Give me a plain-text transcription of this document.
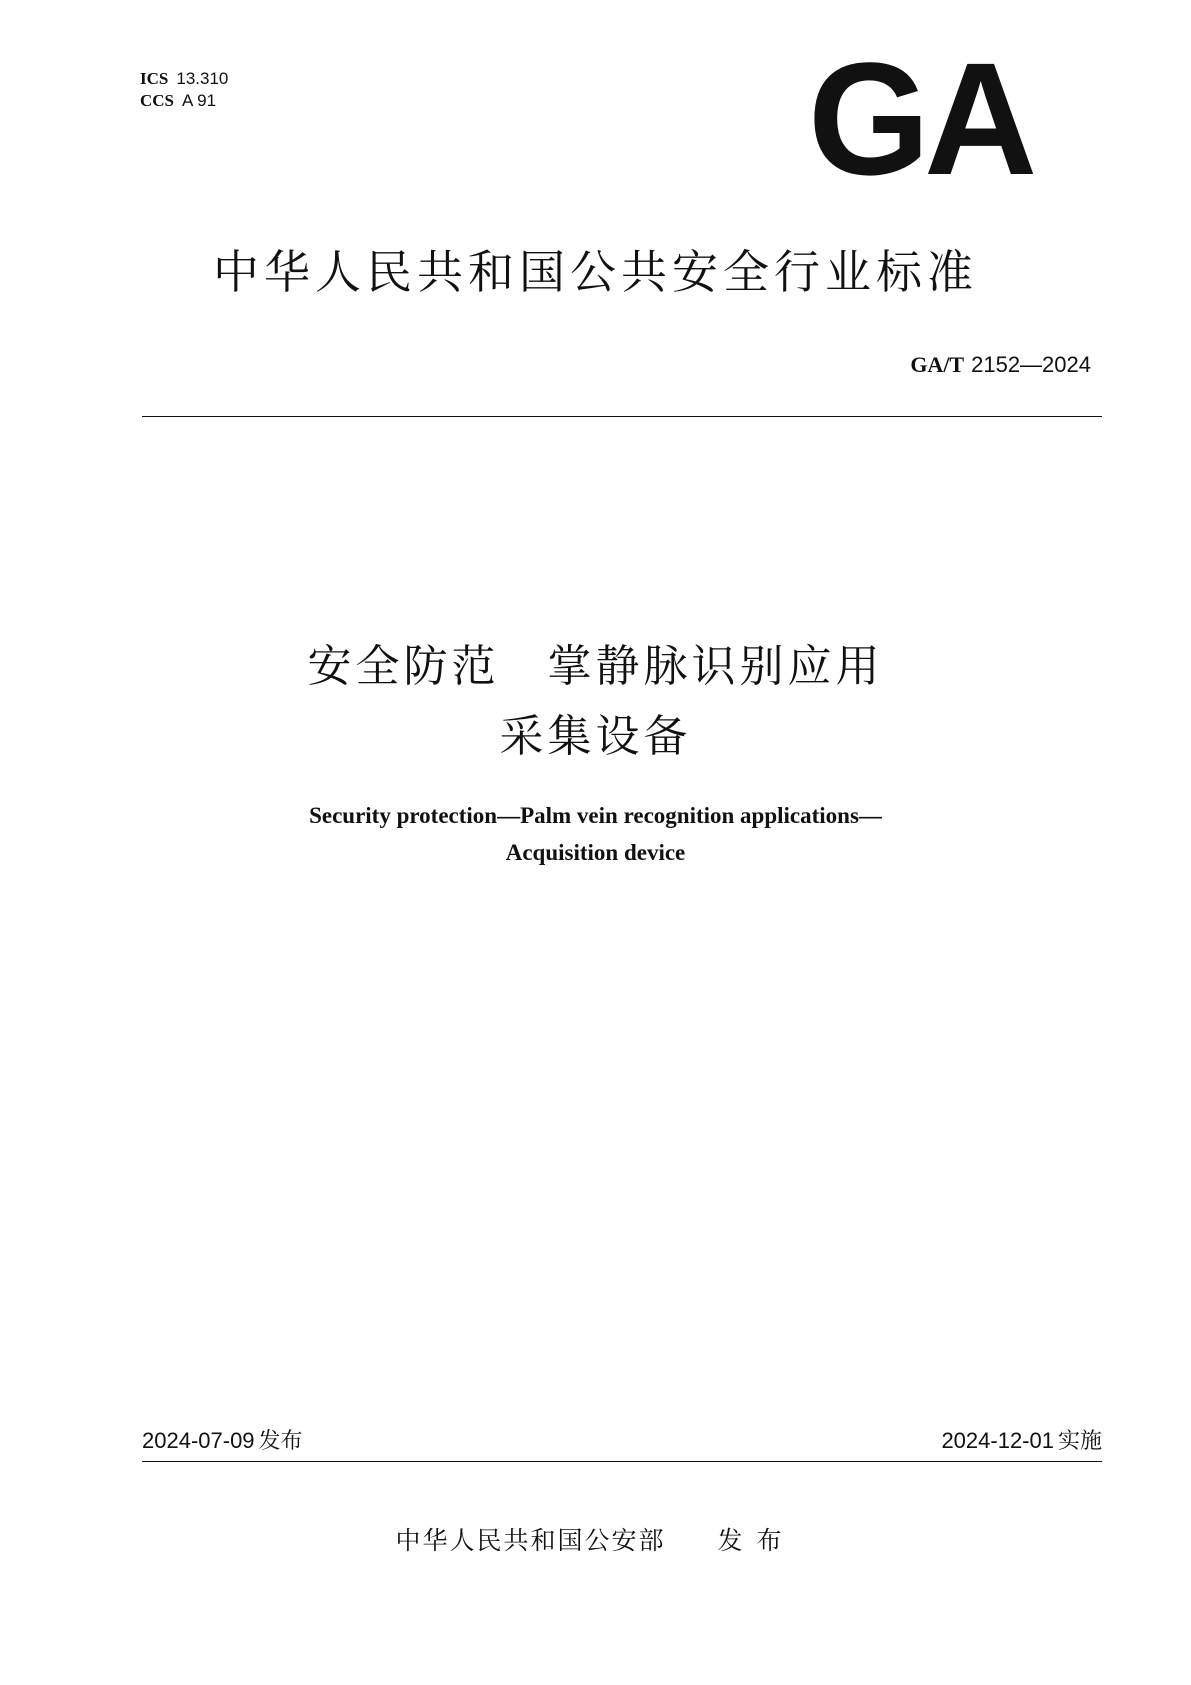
ICS 13.310
CCS A 91	GA
中华人民共和国公共安全行业标准
GA/T 2152—2024
安全防范　掌静脉识别应用
采集设备
Security protection—Palm vein recognition applications—
Acquisition device
2024-07-09 发布	2024-12-01 实施
中华人民共和国公安部 发布
